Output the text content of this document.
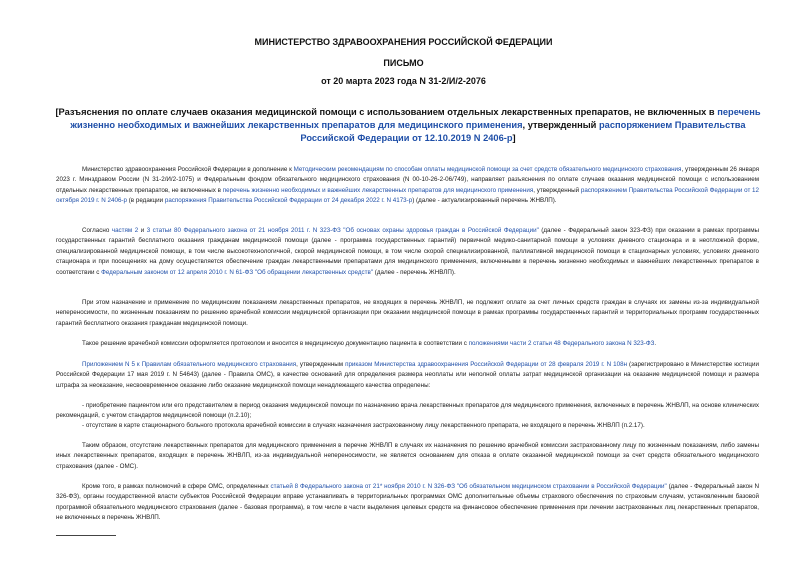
МИНИСТЕРСТВО ЗДРАВООХРАНЕНИЯ РОССИЙСКОЙ ФЕДЕРАЦИИ
ПИСЬМО
от 20 марта 2023 года N 31-2/И/2-2076
[Разъяснения по оплате случаев оказания медицинской помощи с использованием отдельных лекарственных препаратов, не включенных в перечень жизненно необходимых и важнейших лекарственных препаратов для медицинского применения, утвержденный распоряжением Правительства Российской Федерации от 12.10.2019 N 2406-р]
Министерство здравоохранения Российской Федерации в дополнение к Методическим рекомендациям по способам оплаты медицинской помощи за счет средств обязательного медицинского страхования, утвержденным 26 января 2023 г. Минздравом России (N 31-2/И/2-1075) и Федеральным фондом обязательного медицинского страхования (N 00-10-26-2-06/749), направляет разъяснения по оплате случаев оказания медицинской помощи с использованием отдельных лекарственных препаратов, не включенных в перечень жизненно необходимых и важнейших лекарственных препаратов для медицинского применения, утвержденный распоряжением Правительства Российской Федерации от 12 октября 2019 г. N 2406-р (в редакции распоряжения Правительства Российской Федерации от 24 декабря 2022 г. N 4173-р) (далее - актуализированный перечень ЖНВЛП).
Согласно частям 2 и 3 статьи 80 Федерального закона от 21 ноября 2011 г. N 323-ФЗ "Об основах охраны здоровья граждан в Российской Федерации" (далее - Федеральный закон 323-ФЗ) при оказании в рамках программы государственных гарантий бесплатного оказания гражданам медицинской помощи (далее - программа государственных гарантий) первичной медико-санитарной помощи в условиях дневного стационара и в неотложной форме, специализированной медицинской помощи, в том числе высокотехнологичной, скорой медицинской помощи, в том числе скорой специализированной, паллиативной медицинской помощи в стационарных условиях, условиях дневного стационара и при посещениях на дому осуществляется обеспечение граждан лекарственными препаратами для медицинского применения, включенными в перечень жизненно необходимых и важнейших лекарственных препаратов в соответствии с Федеральным законом от 12 апреля 2010 г. N 61-ФЗ "Об обращении лекарственных средств" (далее - перечень ЖНВЛП).
При этом назначение и применение по медицинским показаниям лекарственных препаратов, не входящих в перечень ЖНВЛП, не подлежит оплате за счет личных средств граждан в случаях их замены из-за индивидуальной непереносимости, по жизненным показаниям по решению врачебной комиссии медицинской организации при оказании медицинской помощи в рамках программы государственных гарантий и территориальных программ государственных гарантий бесплатного оказания гражданам медицинской помощи.
Такое решение врачебной комиссии оформляется протоколом и вносится в медицинскую документацию пациента в соответствии с положениями части 2 статьи 48 Федерального закона N 323-ФЗ.
Приложением N 5 к Правилам обязательного медицинского страхования, утвержденным приказом Министерства здравоохранения Российской Федерации от 28 февраля 2019 г. N 108н (зарегистрировано в Министерстве юстиции Российской Федерации 17 мая 2019 г. N 54643) (далее - Правила ОМС), в качестве оснований для определения размера неоплаты или неполной оплаты затрат медицинской организации на оказание медицинской помощи и размера штрафа за неоказание, несвоевременное оказание либо оказание медицинской помощи ненадлежащего качества определены:
- приобретение пациентом или его представителем в период оказания медицинской помощи по назначению врача лекарственных препаратов для медицинского применения, включенных в перечень ЖНВЛП, на основе клинических рекомендаций, с учетом стандартов медицинской помощи (п.2.10);
- отсутствие в карте стационарного больного протокола врачебной комиссии в случаях назначения застрахованному лицу лекарственного препарата, не входящего в перечень ЖНВЛП (п.2.17).
Таким образом, отсутствие лекарственных препаратов для медицинского применения в перечне ЖНВЛП в случаях их назначения по решению врачебной комиссии застрахованному лицу по жизненным показаниям, либо замены иных лекарственных препаратов, входящих в перечень ЖНВЛП, из-за индивидуальной непереносимости, не является основанием для отказа в оплате оказанной медицинской помощи за счет средств обязательного медицинского страхования (далее - ОМС).
Кроме того, в рамках полномочий в сфере ОМС, определенных статьей 8 Федерального закона от 21* ноября 2010 г. N 326-ФЗ "Об обязательном медицинском страховании в Российской Федерации" (далее - Федеральный закон N 326-ФЗ), органы государственной власти субъектов Российской Федерации вправе устанавливать в территориальных программах ОМС дополнительные объемы страхового обеспечения по страховым случаям, установленным базовой программой обязательного медицинского страхования (далее - базовая программа), в том числе в части выделения целевых средств на финансовое обеспечение применения при лечении застрахованных лиц лекарственных препаратов, не включенных в перечень ЖНВЛП.
